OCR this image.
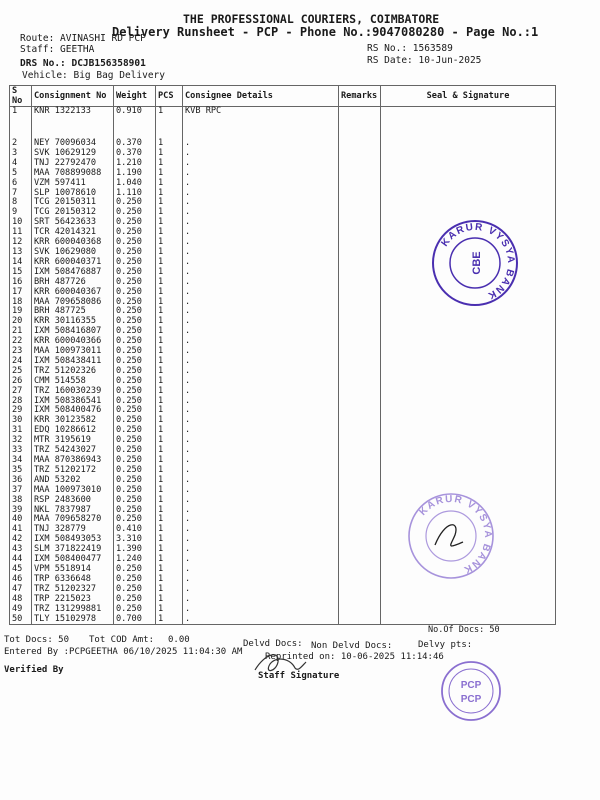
THE PROFESSIONAL COURIERS, COIMBATORE
Delivery Runsheet - PCP - Phone No.:9047080280 - Page No.:1
Route: AVINASHI RD PCP
Staff: GEETHA
DRS No.: DCJB156358901
Vehicle: Big Bag Delivery
RS No.: 1563589
RS Date: 10-Jun-2025
S No	Consignment No	Weight	PCS	Consignee Details	Remarks	Seal & Signature
1	KNR 1322133	0.910	1	KVB RPC		

2	NEY 70096034	0.370	1	.		
3	SVK 10629129	0.370	1	.		
4	TNJ 22792470	1.210	1	.		
5	MAA 708899088	1.190	1	.		
6	VZM 597411	1.040	1	.		
7	SLP 10078610	1.110	1	.		
8	TCG 20150311	0.250	1	.		
9	TCG 20150312	0.250	1	.		
10	SRT 56423633	0.250	1	.		
11	TCR 42014321	0.250	1	.		
12	KRR 600040368	0.250	1	.		
13	SVK 10629080	0.250	1	.		
14	KRR 600040371	0.250	1	.		
15	IXM 508476887	0.250	1	.		
16	BRH 487726	0.250	1	.		
17	KRR 600040367	0.250	1	.		
18	MAA 709658086	0.250	1	.		
19	BRH 487725	0.250	1	.		
20	KRR 30116355	0.250	1	.		
21	IXM 508416807	0.250	1	.		
22	KRR 600040366	0.250	1	.		
23	MAA 100973011	0.250	1	.		
24	IXM 508438411	0.250	1	.		
25	TRZ 51202326	0.250	1	.		
26	CMM 514558	0.250	1	.		
27	TRZ 160030239	0.250	1	.		
28	IXM 508386541	0.250	1	.		
29	IXM 508400476	0.250	1	.		
30	KRR 30123582	0.250	1	.		
31	EDQ 10286612	0.250	1	.		
32	MTR 3195619	0.250	1	.		
33	TRZ 54243027	0.250	1	.		
34	MAA 870386943	0.250	1	.		
35	TRZ 51202172	0.250	1	.		
36	AND 53202	0.250	1	.		
37	MAA 100973010	0.250	1	.		
38	RSP 2483600	0.250	1	.		
39	NKL 7837987	0.250	1	.		
40	MAA 709658270	0.250	1	.		
41	TNJ 328779	0.410	1	.		
42	IXM 508493053	3.310	1	.		
43	SLM 371822419	1.390	1	.		
44	IXM 508400477	1.240	1	.		
45	VPM 5518914	0.250	1	.		
46	TRP 6336648	0.250	1	.		
47	TRZ 51202327	0.250	1	.		
48	TRP 2215023	0.250	1	.		
49	TRZ 131299881	0.250	1	.		
50	TLY 15102978	0.700	1	.		
No.Of Docs: 50
Tot Docs: 50 Tot COD Amt: 0.00	Delvd Docs: Non Delvd Docs:	Delvy pts:
Entered By :PCPGEETHA 06/10/2025 11:04:30 AM	Reprinted on: 10-06-2025 11:14:46
Verified By
Staff Signature
KARUR VYSYA BANK
CBE
KARUR VYSYA BANK
PCP
PCP
